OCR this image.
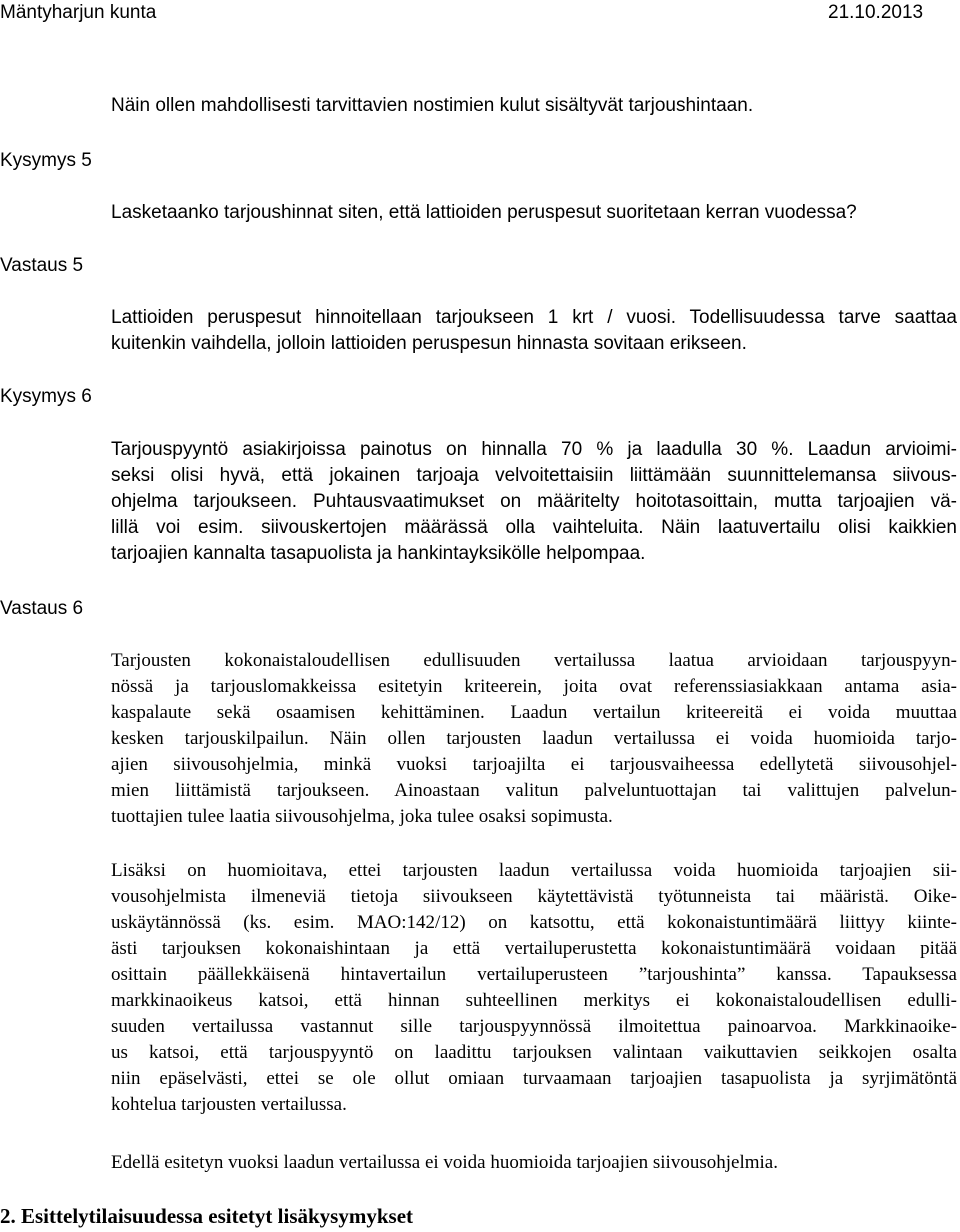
Mäntyharjun kunta	21.10.2013
Näin ollen mahdollisesti tarvittavien nostimien kulut sisältyvät tarjoushintaan.
Kysymys 5
Lasketaanko tarjoushinnat siten, että lattioiden peruspesut suoritetaan kerran vuodessa?
Vastaus 5
Lattioiden peruspesut hinnoitellaan tarjoukseen 1 krt / vuosi. Todellisuudessa tarve saattaa
kuitenkin vaihdella, jolloin lattioiden peruspesun hinnasta sovitaan erikseen.
Kysymys 6
Tarjouspyyntö asiakirjoissa painotus on hinnalla 70 % ja laadulla 30 %. Laadun arvioimi-
seksi olisi hyvä, että jokainen tarjoaja velvoitettaisiin liittämään suunnittelemansa siivous-
ohjelma tarjoukseen. Puhtausvaatimukset on määritelty hoitotasoittain, mutta tarjoajien vä-
lillä voi esim. siivouskertojen määrässä olla vaihteluita. Näin laatuvertailu olisi kaikkien
tarjoajien kannalta tasapuolista ja hankintayksikölle helpompaa.
Vastaus 6
Tarjousten kokonaistaloudellisen edullisuuden vertailussa laatua arvioidaan tarjouspyyn-
nössä ja tarjouslomakkeissa esitetyin kriteerein, joita ovat referenssiasiakkaan antama asia-
kaspalaute sekä osaamisen kehittäminen. Laadun vertailun kriteereitä ei voida muuttaa
kesken tarjouskilpailun. Näin ollen tarjousten laadun vertailussa ei voida huomioida tarjo-
ajien siivousohjelmia, minkä vuoksi tarjoajilta ei tarjousvaiheessa edellytetä siivousohjel-
mien liittämistä tarjoukseen. Ainoastaan valitun palveluntuottajan tai valittujen palvelun-
tuottajien tulee laatia siivousohjelma, joka tulee osaksi sopimusta.
Lisäksi on huomioitava, ettei tarjousten laadun vertailussa voida huomioida tarjoajien sii-
vousohjelmista ilmeneviä tietoja siivoukseen käytettävistä työtunneista tai määristä. Oike-
uskäytännössä (ks. esim. MAO:142/12) on katsottu, että kokonaistuntimäärä liittyy kiinte-
ästi tarjouksen kokonaishintaan ja että vertailuperustetta kokonaistuntimäärä voidaan pitää
osittain päällekkäisenä hintavertailun vertailuperusteen ”tarjoushinta” kanssa. Tapauksessa
markkinaoikeus katsoi, että hinnan suhteellinen merkitys ei kokonaistaloudellisen edulli-
suuden vertailussa vastannut sille tarjouspyynnössä ilmoitettua painoarvoa. Markkinaoike-
us katsoi, että tarjouspyyntö on laadittu tarjouksen valintaan vaikuttavien seikkojen osalta
niin epäselvästi, ettei se ole ollut omiaan turvaamaan tarjoajien tasapuolista ja syrjimätöntä
kohtelua tarjousten vertailussa.
Edellä esitetyn vuoksi laadun vertailussa ei voida huomioida tarjoajien siivousohjelmia.
2. Esittelytilaisuudessa esitetyt lisäkysymykset
